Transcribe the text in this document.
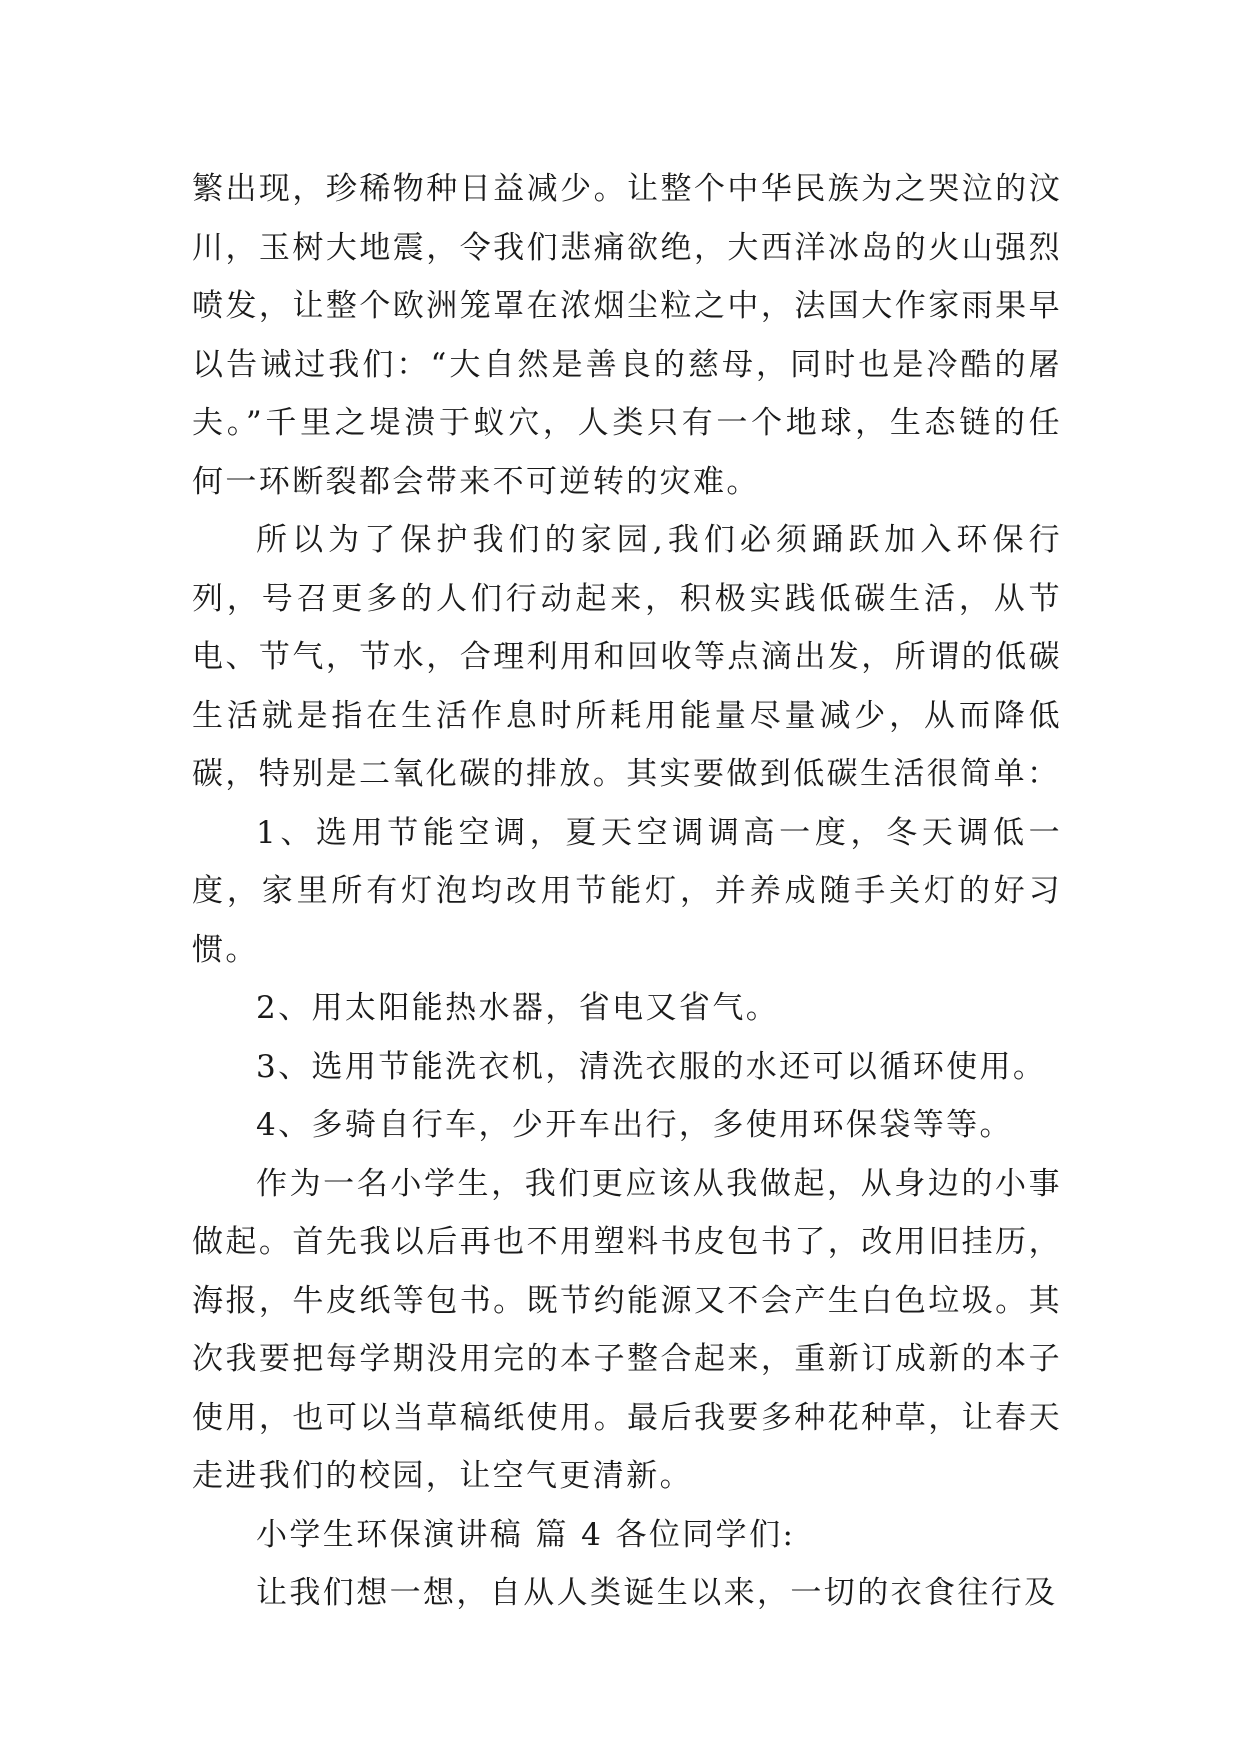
繁出现，珍稀物种日益减少。让整个中华民族为之哭泣的汶川，玉树大地震，令我们悲痛欲绝，大西洋冰岛的火山强烈喷发，让整个欧洲笼罩在浓烟尘粒之中，法国大作家雨果早以告诫过我们：“大自然是善良的慈母，同时也是冷酷的屠夫。”千里之堤溃于蚁穴，人类只有一个地球，生态链的任何一环断裂都会带来不可逆转的灾难。

所以为了保护我们的家园,我们必须踊跃加入环保行列，号召更多的人们行动起来，积极实践低碳生活，从节电、节气，节水，合理利用和回收等点滴出发，所谓的低碳生活就是指在生活作息时所耗用能量尽量减少，从而降低碳，特别是二氧化碳的排放。其实要做到低碳生活很简单：

1、选用节能空调，夏天空调调高一度，冬天调低一度，家里所有灯泡均改用节能灯，并养成随手关灯的好习惯。

2、用太阳能热水器，省电又省气。

3、选用节能洗衣机，清洗衣服的水还可以循环使用。

4、多骑自行车，少开车出行，多使用环保袋等等。

作为一名小学生，我们更应该从我做起，从身边的小事做起。首先我以后再也不用塑料书皮包书了，改用旧挂历，海报，牛皮纸等包书。既节约能源又不会产生白色垃圾。其次我要把每学期没用完的本子整合起来，重新订成新的本子使用，也可以当草稿纸使用。最后我要多种花种草，让春天走进我们的校园，让空气更清新。

小学生环保演讲稿 篇 4 各位同学们:

让我们想一想，自从人类诞生以来，一切的衣食往行及
